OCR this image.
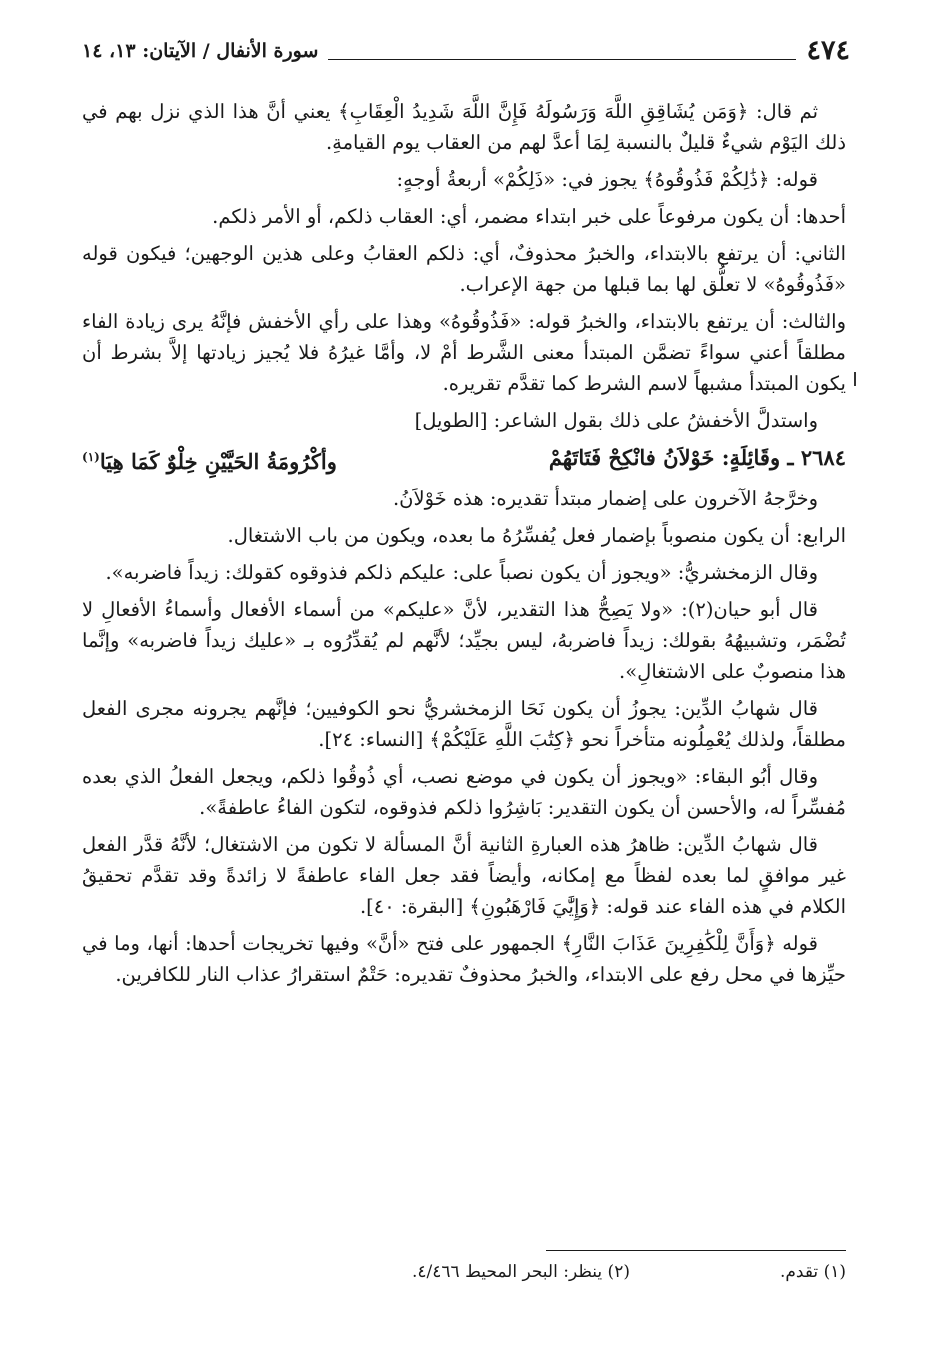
٤٧٤
سورة الأنفال / الآيتان: ١٣، ١٤

ثم قال: ﴿وَمَن يُشَاقِقِ اللَّهَ وَرَسُولَهُ فَإِنَّ اللَّهَ شَدِيدُ الْعِقَابِ﴾ يعني أنَّ هذا الذي نزل بهم في ذلك اليَوْم شيءٌ قليلٌ بالنسبة لِمَا أعدَّ لهم من العقاب يوم القيامةِ.

قوله: ﴿ذَٰلِكُمْ فَذُوقُوهُ﴾ يجوز في: «ذَلِكُمْ» أربعةُ أوجهٍ:

أحدها: أن يكون مرفوعاً على خبر ابتداء مضمر، أي: العقاب ذلكم، أو الأمر ذلكم.

الثاني: أن يرتفع بالابتداء، والخبرُ محذوفٌ، أي: ذلكم العقابُ وعلى هذين الوجهين؛ فيكون قوله «فَذُوقُوهُ» لا تعلُّق لها بما قبلها من جهة الإعراب.

والثالث: أن يرتفع بالابتداء، والخبرُ قوله: «فَذُوقُوهُ» وهذا على رأي الأخفش فإنَّهُ يرى زيادة الفاء مطلقاً أعني سواءً تضمَّن المبتدأ معنى الشَّرط أمْ لا، وأمَّا غيرُهُ فلا يُجيز زيادتها إلاَّ بشرط أن يكون المبتدأ مشبهاً لاسم الشرط كما تقدَّم تقريره.

واستدلَّ الأخفشُ على ذلك بقول الشاعر: [الطويل]

٢٦٨٤ ـ وقَائِلَةٍ: خَوْلاَنُ فانْكِحْ فَتَاتَهُمْ
وأكْرُومَةُ الحَيَّيْنِ خِلْوٌ كَمَا هِيَا$^{(١)}$

وخرَّجهُ الآخرون على إضمار مبتدأ تقديره: هذه خَوْلاَنُ.

الرابع: أن يكون منصوباً بإضمار فعل يُفسِّرُهُ ما بعده، ويكون من باب الاشتغال.

وقال الزمخشريُّ: «ويجوز أن يكون نصباً على: عليكم ذلكم فذوقوه كقولك: زيداً فاضربه».

قال أبو حيان(٢): «ولا يَصِحُّ هذا التقدير، لأنَّ «عليكم» من أسماء الأفعال وأسماءُ الأفعالِ لا تُضْمَر، وتشبيهُهُ بقولك: زيداً فاضربهُ، ليس بجيِّد؛ لأنَّهم لم يُقدِّرُوه بـ «عليك زيداً فاضربه» وإنَّما هذا منصوبٌ على الاشتغالِ».

قال شهابُ الدِّين: يجوزُ أن يكون نَحَا الزمخشريُّ نحو الكوفيين؛ فإنَّهم يجرونه مجرى الفعل مطلقاً، ولذلك يُعْمِلُونه متأخراً نحو ﴿كِتَٰبَ اللَّهِ عَلَيْكُمْ﴾ [النساء: ٢٤].

وقال أبُو البقاء: «ويجوز أن يكون في موضع نصب، أي ذُوقُوا ذلكم، ويجعل الفعلُ الذي بعده مُفسِّراً له، والأحسن أن يكون التقدير: بَاشِرُوا ذلكم فذوقوه، لتكون الفاءُ عاطفةً».

قال شهابُ الدِّين: ظاهرُ هذه العبارةِ الثانية أنَّ المسألة لا تكون من الاشتغال؛ لأنَّهُ قدَّر الفعل غير موافقٍ لما بعده لفظاً مع إمكانه، وأيضاً فقد جعل الفاء عاطفةً لا زائدةً وقد تقدَّم تحقيقُ الكلام في هذه الفاء عند قوله: ﴿وَإِيَّٰيَ فَارْهَبُونِ﴾ [البقرة: ٤٠].

قوله ﴿وَأَنَّ لِلْكَٰفِرِينَ عَذَابَ النَّارِ﴾ الجمهور على فتح «أنَّ» وفيها تخريجات أحدها: أنها، وما في حيِّزها في محل رفع على الابتداء، والخبرُ محذوفٌ تقديره: حَتْمٌ استقرارُ عذاب النار للكافرين.

(١) تقدم.
(٢) ينظر: البحر المحيط ٤/٤٦٦.
